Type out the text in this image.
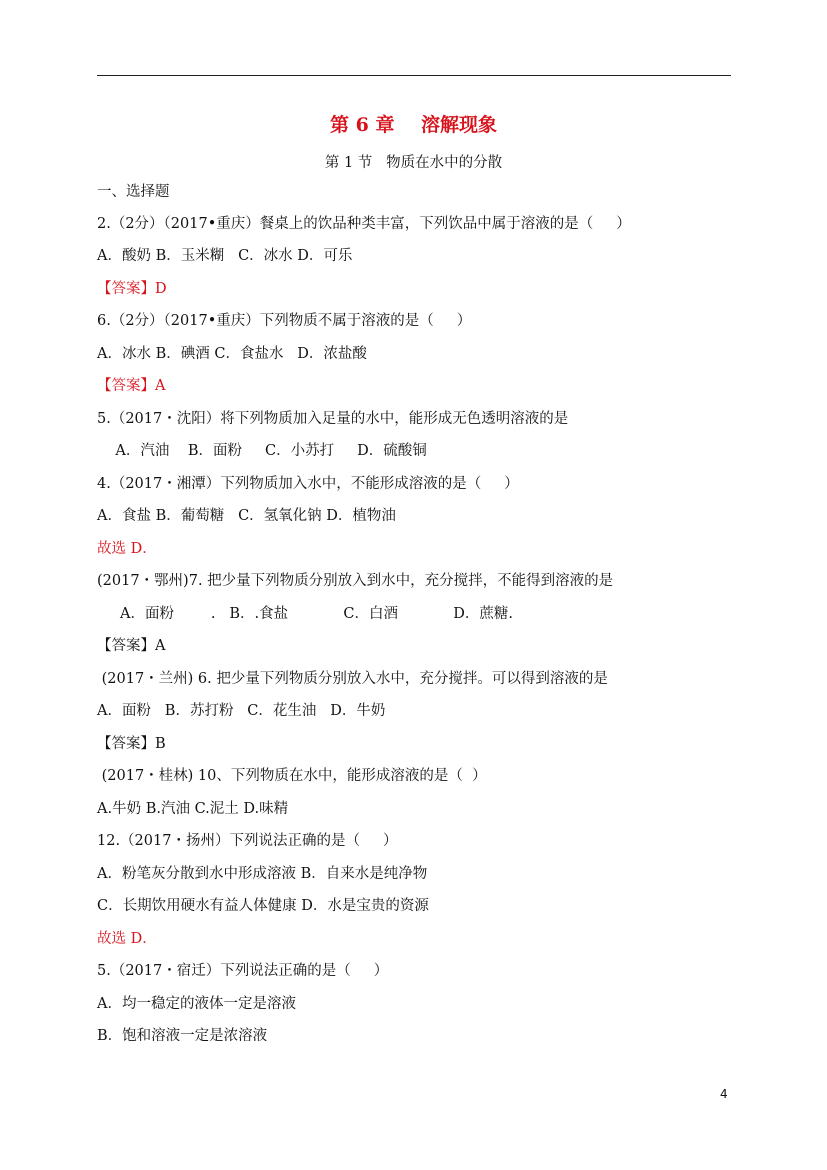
第 6 章    溶解现象
第 1 节   物质在水中的分散
一、选择题
2.（2分）（2017•重庆）餐桌上的饮品种类丰富，下列饮品中属于溶液的是（     ）
A．酸奶 B．玉米糊   C．冰水 D．可乐
【答案】D
6.（2分）（2017•重庆）下列物质不属于溶液的是（     ）
A．冰水 B．碘酒 C．食盐水   D．浓盐酸
【答案】A
5.（2017・沈阳）将下列物质加入足量的水中，能形成无色透明溶液的是
A．汽油    B．面粉     C．小苏打     D．硫酸铜
4.（2017・湘潭）下列物质加入水中，不能形成溶液的是（     ）
A．食盐 B．葡萄糖   C．氢氧化钠 D．植物油
故选 D．
(2017・鄂州)7. 把少量下列物质分别放入到水中，充分搅拌，不能得到溶液的是
A．面粉        .   B．.食盐            C．白酒            D．蔗糖.
【答案】A
(2017・兰州) 6. 把少量下列物质分别放入水中，充分搅拌。可以得到溶液的是
A．面粉   B．苏打粉   C．花生油   D．牛奶
【答案】B
(2017・桂林) 10、下列物质在水中，能形成溶液的是（  ）
A.牛奶 B.汽油 C.泥土 D.味精
12.（2017・扬州）下列说法正确的是（     ）
A．粉笔灰分散到水中形成溶液 B．自来水是纯净物
C．长期饮用硬水有益人体健康 D．水是宝贵的资源
故选 D．
5.（2017・宿迁）下列说法正确的是（     ）
A．均一稳定的液体一定是溶液
B．饱和溶液一定是浓溶液
4
